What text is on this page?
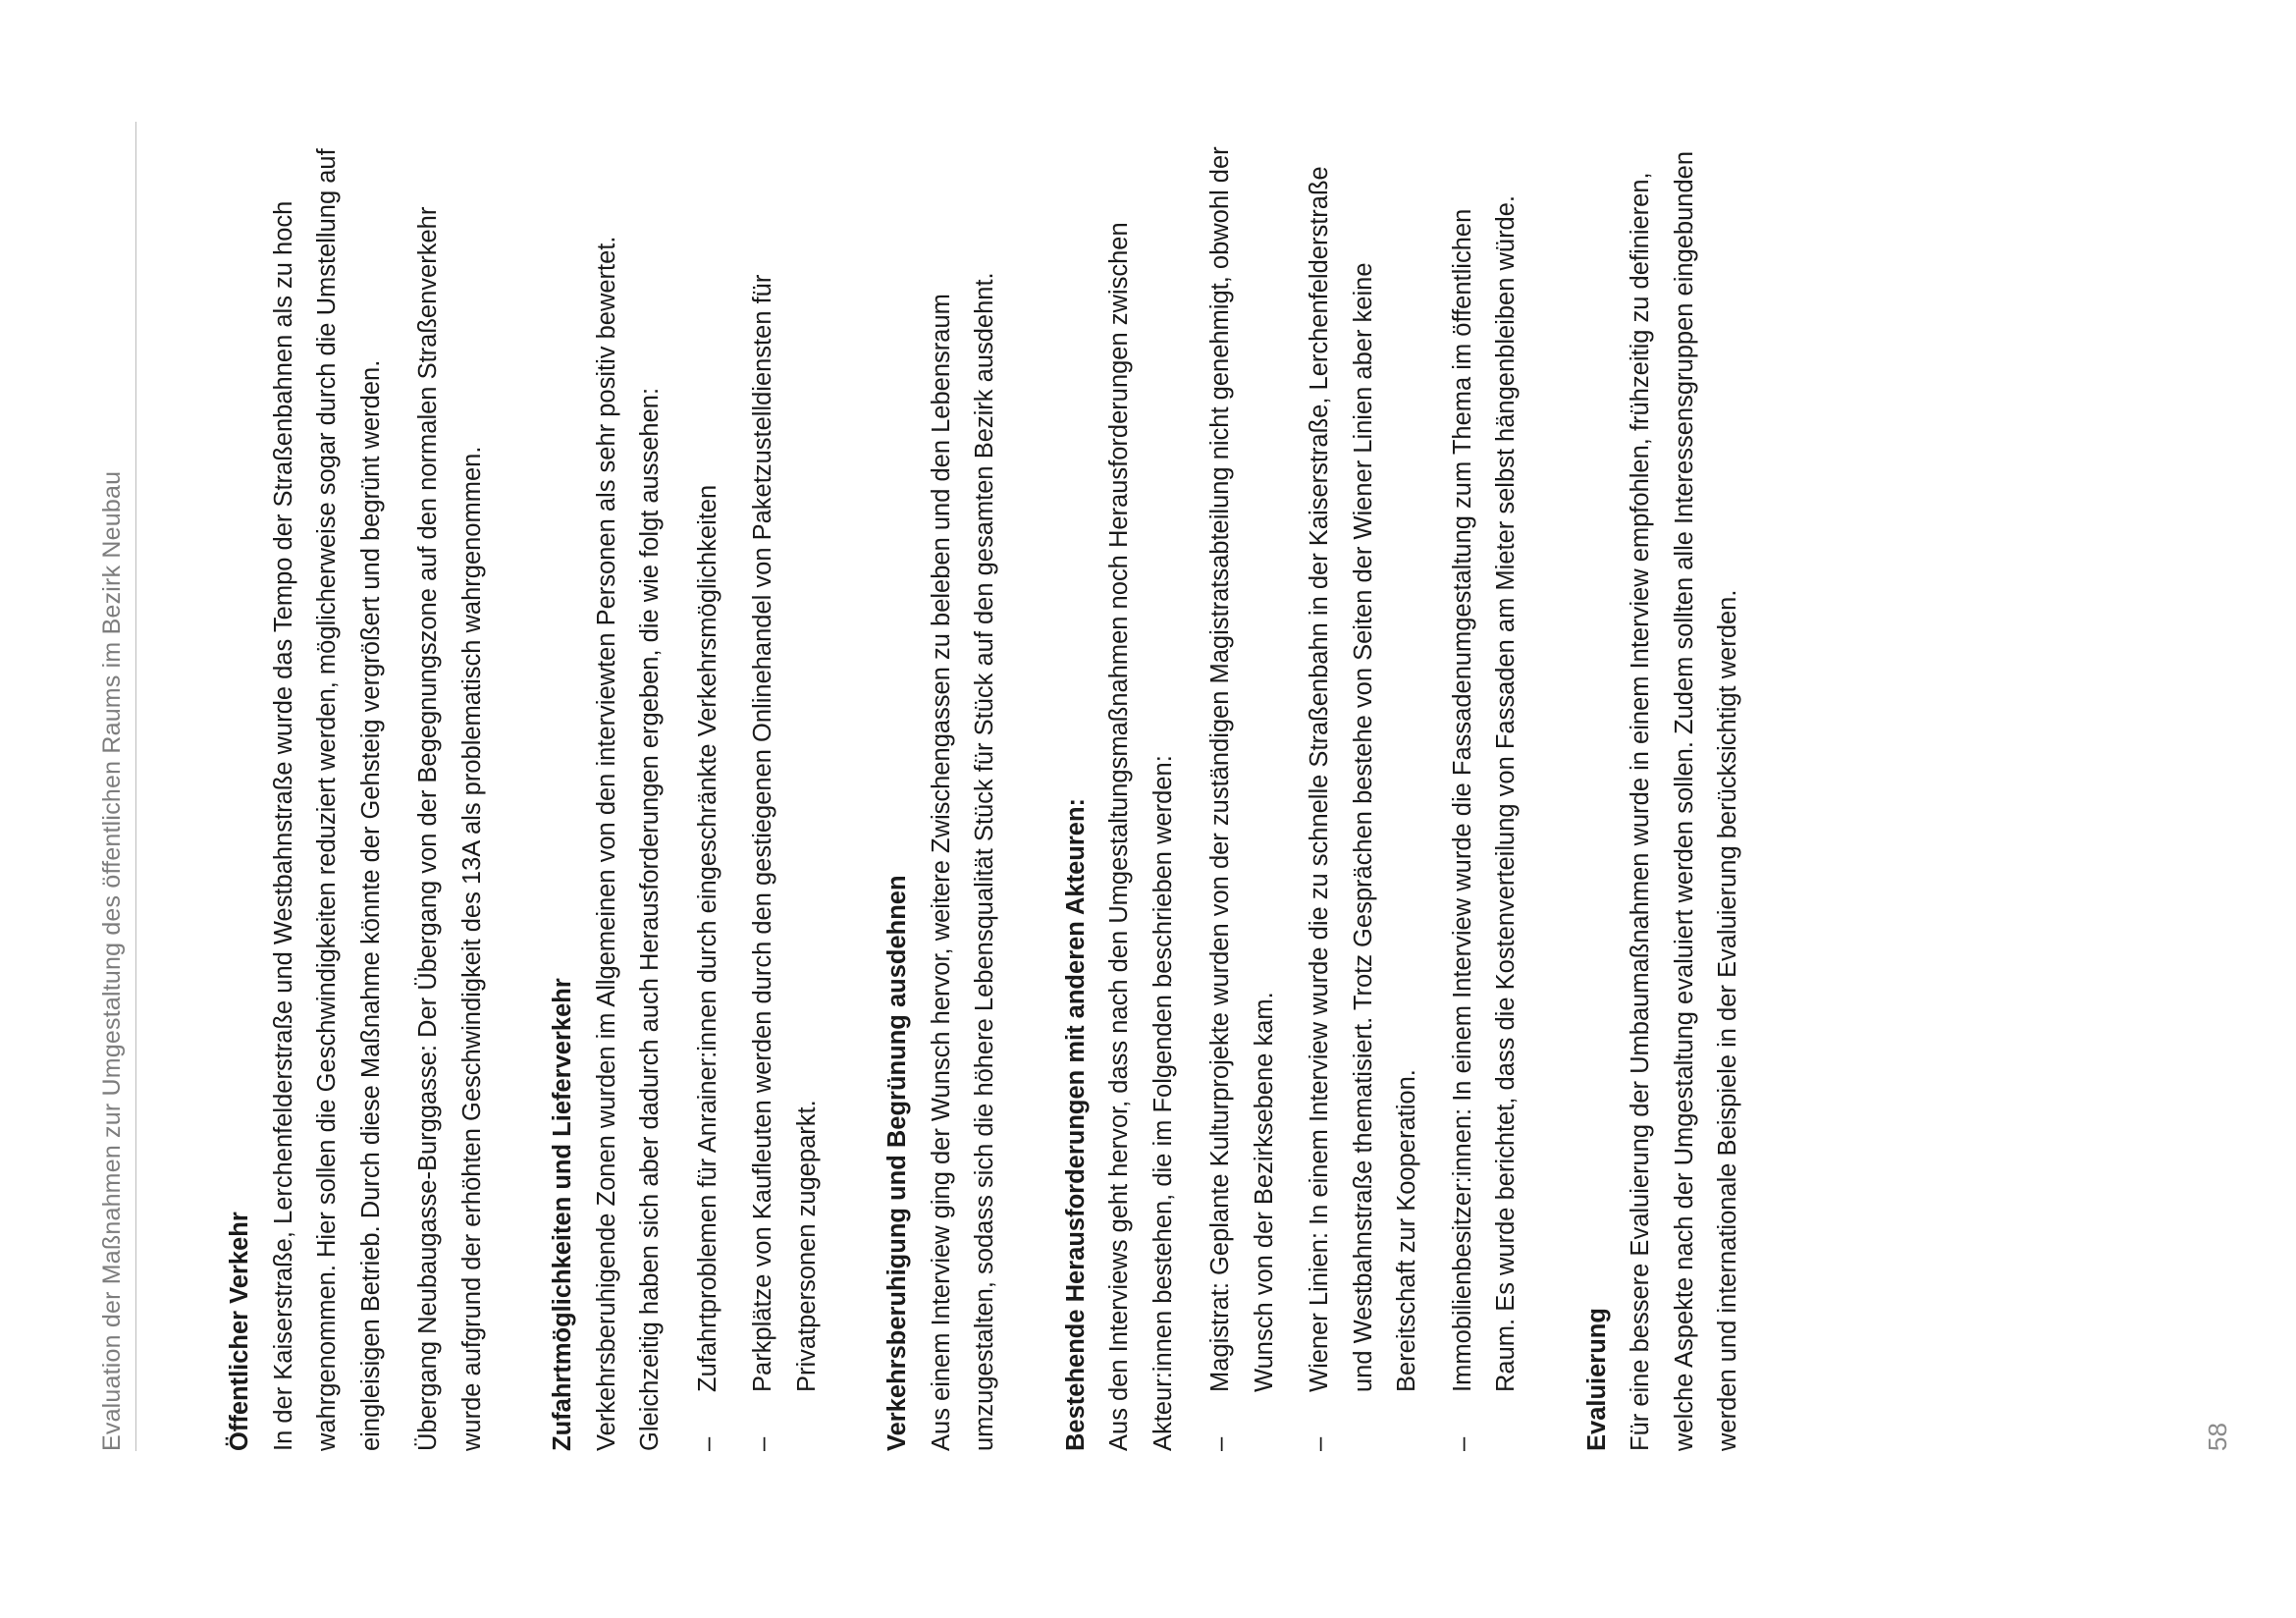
Evaluation der Maßnahmen zur Umgestaltung des öffentlichen Raums im Bezirk Neubau	Öffentlicher Verkehr In der Kaiserstraße, Lerchenfelderstraße und Westbahnstraße wurde das Tempo der Straßenbahnen als zu hoch wahrgenommen. Hier sollen die Geschwindigkeiten reduziert werden, möglicherweise sogar durch die Umstellung auf eingleisigen Betrieb. Durch diese Maßnahme könnte der Gehsteig vergrößert und begrünt werden.	Übergang Neubaugasse-Burggasse: Der Übergang von der Begegnungszone auf den normalen Straßenverkehr wurde aufgrund der erhöhten Geschwindigkeit des 13A als problematisch wahrgenommen.	Zufahrtmöglichkeiten und Lieferverkehr Verkehrsberuhigende Zonen wurden im Allgemeinen von den interviewten Personen als sehr positiv bewertet. Gleichzeitig haben sich aber dadurch auch Herausforderungen ergeben, die wie folgt aussehen:	–
Zufahrtproblemen für Anrainer:innen durch eingeschränkte Verkehrsmöglichkeiten
–
Parkplätze von Kaufleuten werden durch den gestiegenen Onlinehandel von Paketzustelldiensten für Privatpersonen zugeparkt.	Verkehrsberuhigung und Begrünung ausdehnen Aus einem Interview ging der Wunsch hervor, weitere Zwischengassen zu beleben und den Lebensraum umzugestalten, sodass sich die höhere Lebensqualität Stück für Stück auf den gesamten Bezirk ausdehnt.	Bestehende Herausforderungen mit anderen Akteuren: Aus den Interviews geht hervor, dass nach den Umgestaltungsmaßnahmen noch Herausforderungen zwischen Akteur:innen bestehen, die im Folgenden beschrieben werden:	–
Magistrat: Geplante Kulturprojekte wurden von der zuständigen Magistratsabteilung nicht genehmigt, obwohl der Wunsch von der Bezirksebene kam.
–
Wiener Linien: In einem Interview wurde die zu schnelle Straßenbahn in der Kaiserstraße, Lerchenfelderstraße und Westbahnstraße thematisiert. Trotz Gesprächen bestehe von Seiten der Wiener Linien aber keine Bereitschaft zur Kooperation.
–
Immobilienbesitzer:innen: In einem Interview wurde die Fassadenumgestaltung zum Thema im öffentlichen Raum. Es wurde berichtet, dass die Kostenverteilung von Fassaden am Mieter selbst hängenbleiben würde.	Evaluierung Für eine bessere Evaluierung der Umbaumaßnahmen wurde in einem Interview empfohlen, frühzeitig zu definieren, welche Aspekte nach der Umgestaltung evaluiert werden sollen. Zudem sollten alle Interessensgruppen eingebunden werden und internationale Beispiele in der Evaluierung berücksichtigt werden.	58
